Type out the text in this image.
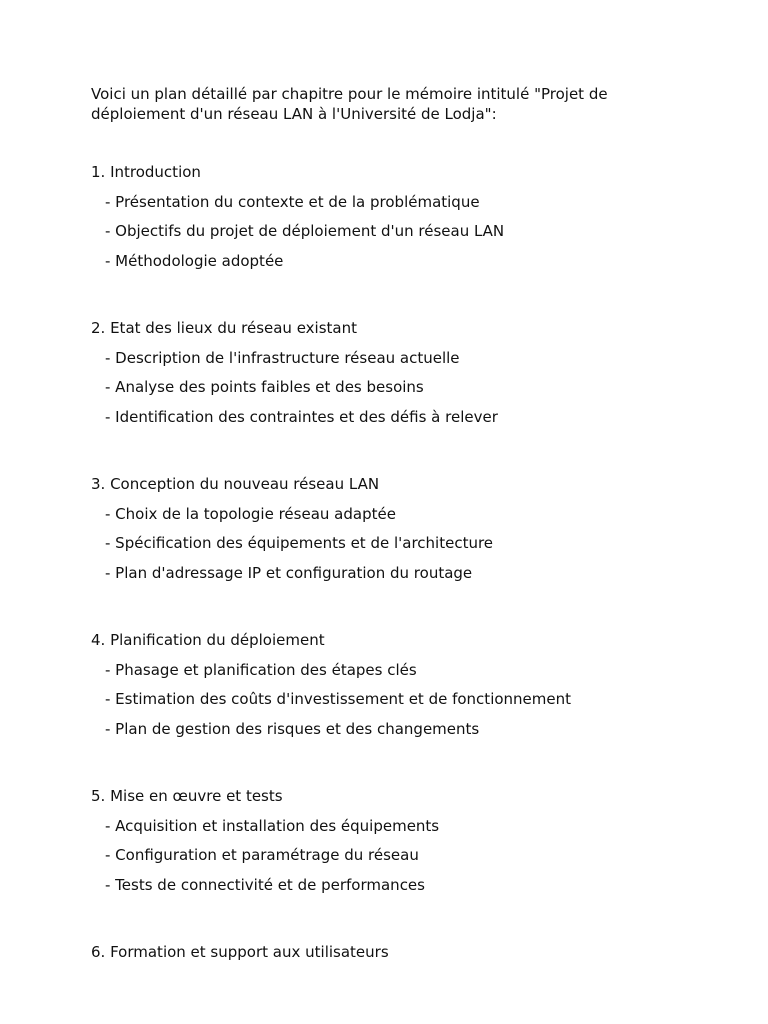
Voici un plan détaillé par chapitre pour le mémoire intitulé "Projet de déploiement d'un réseau LAN à l'Université de Lodja":

1. Introduction
- Présentation du contexte et de la problématique
- Objectifs du projet de déploiement d'un réseau LAN
- Méthodologie adoptée
2. Etat des lieux du réseau existant
- Description de l'infrastructure réseau actuelle
- Analyse des points faibles et des besoins
- Identification des contraintes et des défis à relever
3. Conception du nouveau réseau LAN
- Choix de la topologie réseau adaptée
- Spécification des équipements et de l'architecture
- Plan d'adressage IP et configuration du routage
4. Planification du déploiement
- Phasage et planification des étapes clés
- Estimation des coûts d'investissement et de fonctionnement
- Plan de gestion des risques et des changements
5. Mise en œuvre et tests
- Acquisition et installation des équipements
- Configuration et paramétrage du réseau
- Tests de connectivité et de performances
6. Formation et support aux utilisateurs
